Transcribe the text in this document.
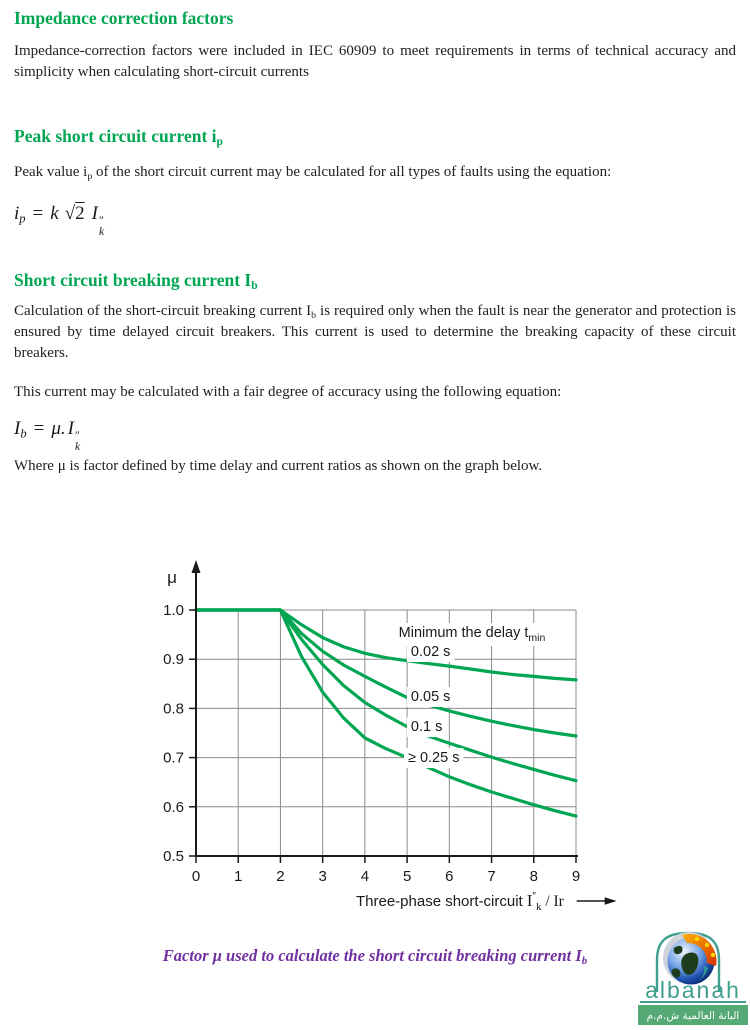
Impedance correction factors

Impedance-correction factors were included in IEC 60909 to meet requirements in terms of technical accuracy and simplicity when calculating short-circuit currents

Peak short circuit current $i_p$

Peak value $i_p$ of the short circuit current may be calculated for all types of faults using the equation:

$i_p = k$ √2 I ″
k
Short circuit breaking current $I_b$

Calculation of the short-circuit breaking current $I_b$ is required only when the fault is near the generator and protection is ensured by time delayed circuit breakers. This current is used to determine the breaking capacity of these circuit breakers.

This current may be calculated with a fair degree of accuracy using the following equation:

$I_b = \mu$. I ″
k

Where μ is factor defined by time delay and current ratios as shown on the graph below.

Minimum the delay $t_{min}$
0.02 s
0.05 s
0.1 s
≥ 0.25 s
1.0
0.9
0.8
0.7
0.6
0.5
0 1 2 3 4 5 6 7 8 9
μ
Three-phase short-circuit $I''_k$ / Ir
Factor μ used to calculate the short circuit breaking current $I_b$
albanah
البانة العالمية ش.م.م
